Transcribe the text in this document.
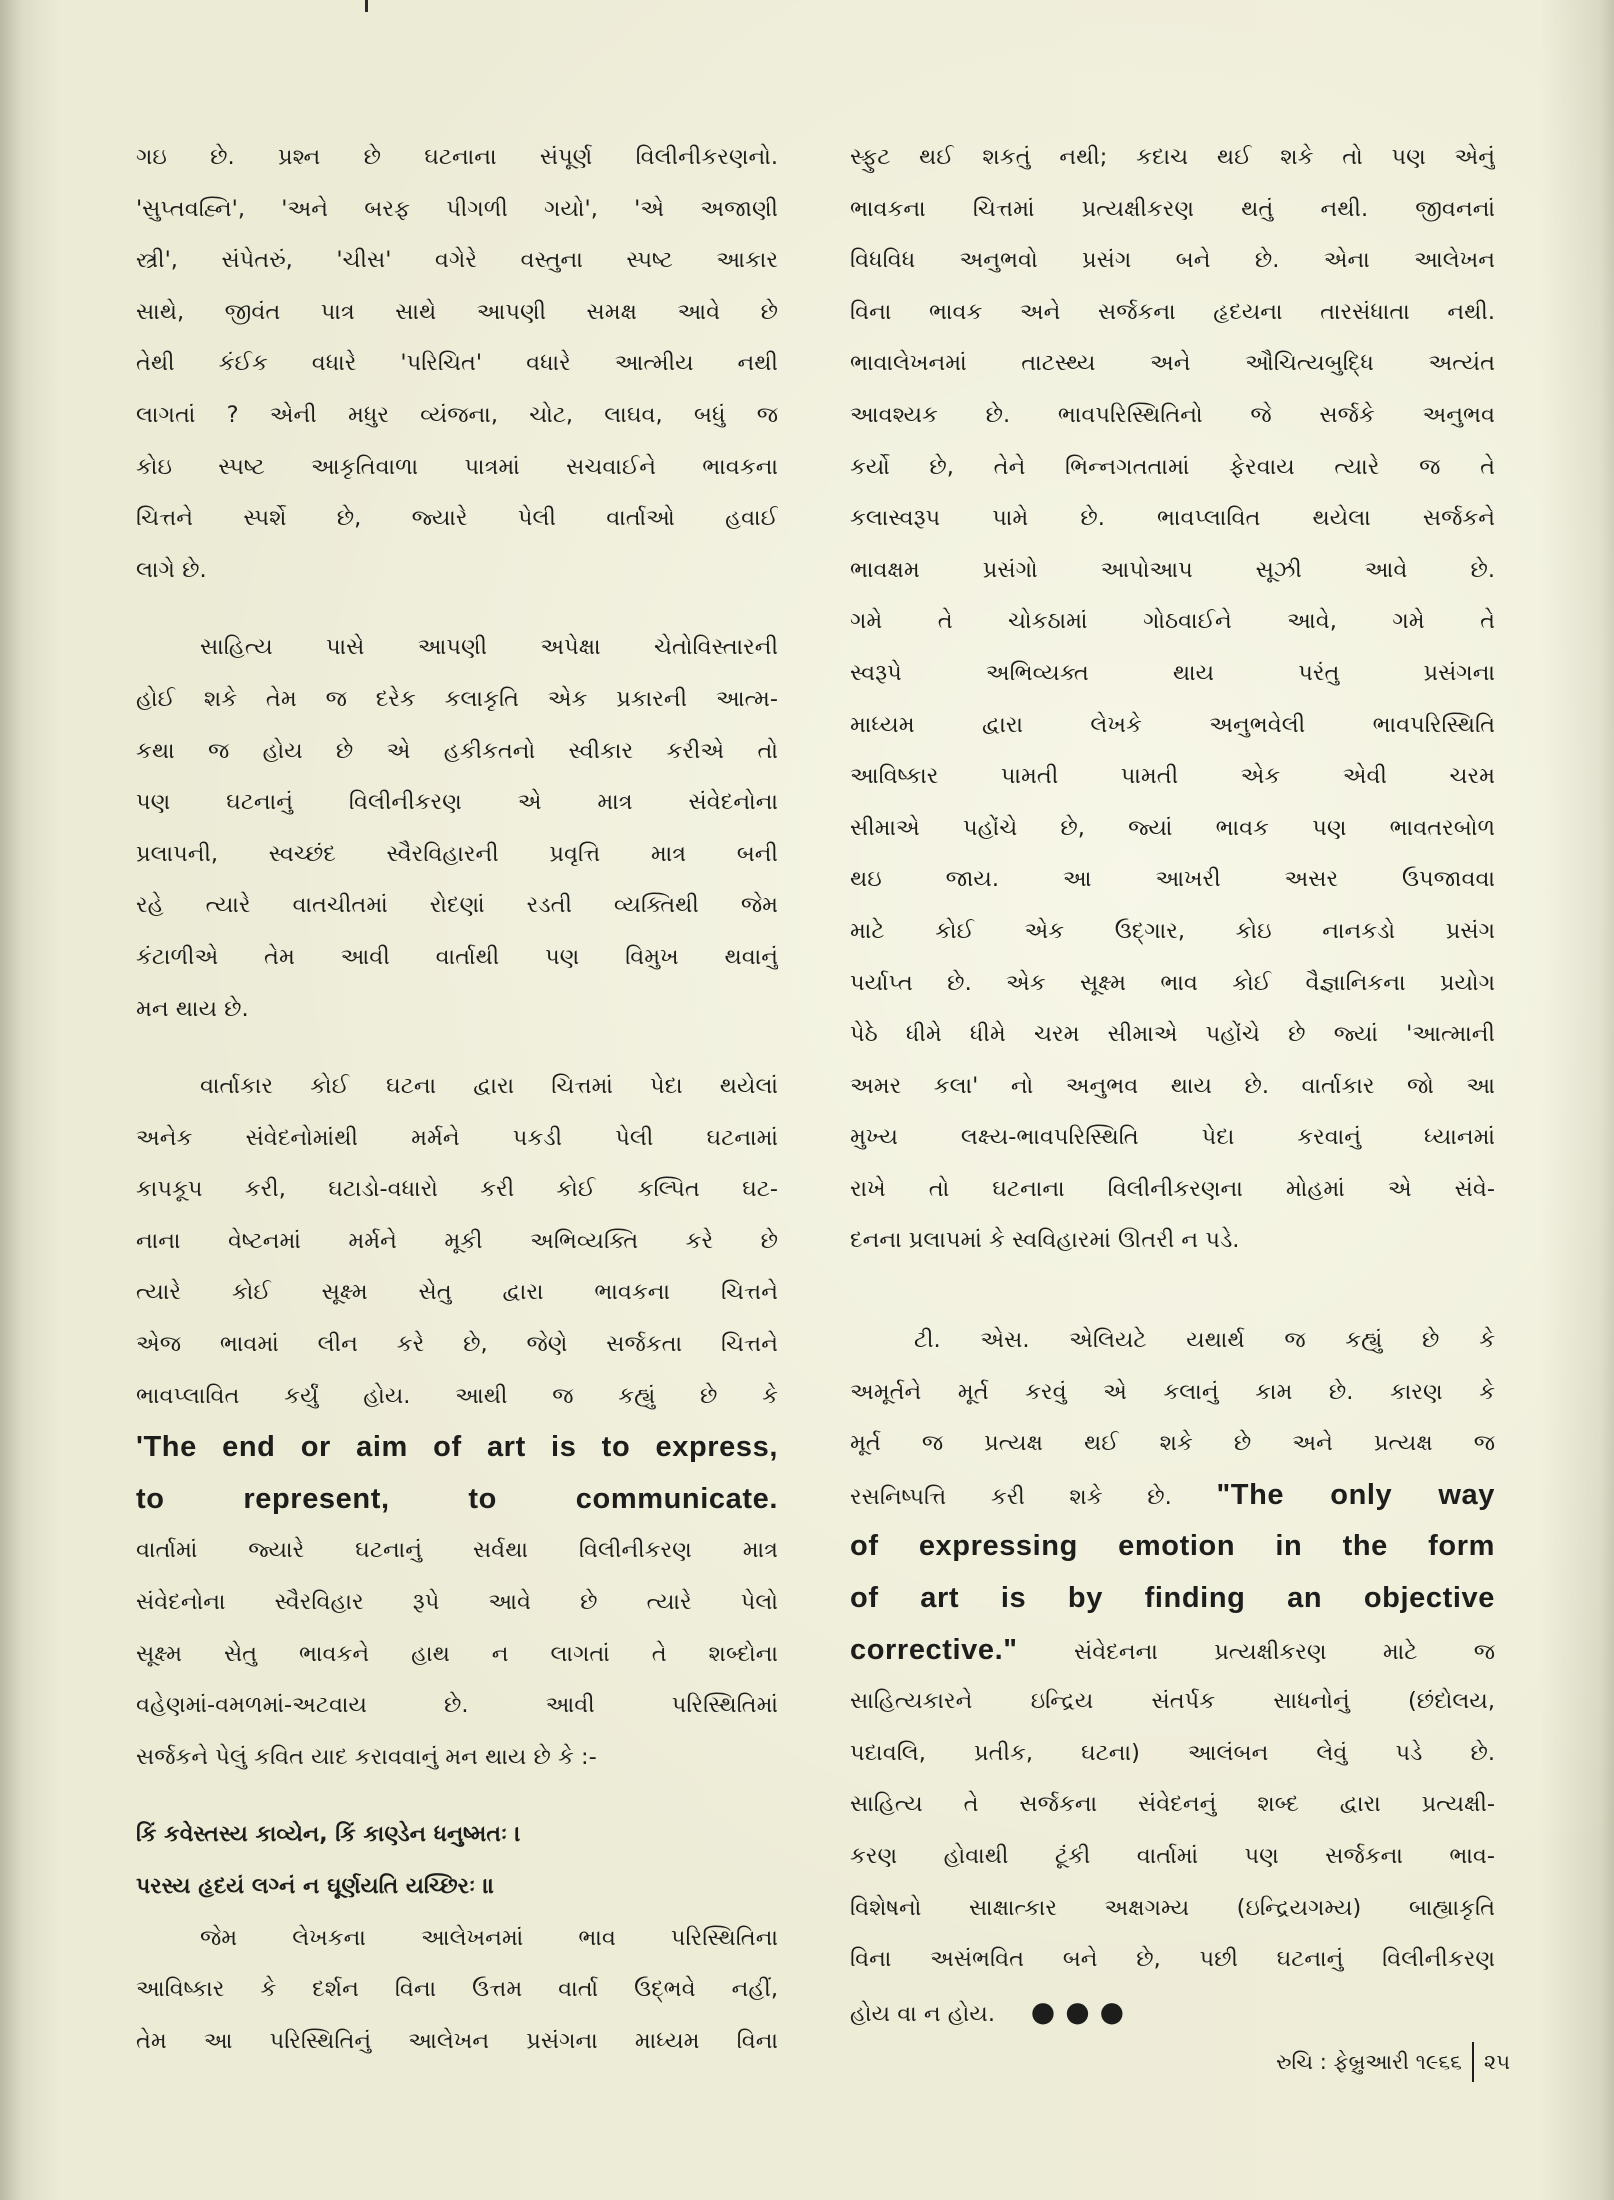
ગઇ છે. પ્રશ્ન છે ઘટનાના સંપૂર્ણ વિલીનીકરણનો.
'સુપ્તવહ્નિ', 'અને બરફ પીગળી ગયો', 'એ અજાણી
સ્ત્રી', સંપેતરું, 'ચીસ' વગેરે વસ્તુના સ્પષ્ટ આકાર
સાથે, જીવંત પાત્ર સાથે આપણી સમક્ષ આવે છે
તેથી કંઈક વધારે 'પરિચિત' વધારે આત્મીય નથી
લાગતાં ? એની મધુર વ્યંજના, ચોટ, લાઘવ, બધું જ
કોઇ સ્પષ્ટ આકૃતિવાળા પાત્રમાં સચવાઈને ભાવકના
ચિત્તને સ્પર્શે છે, જ્યારે પેલી વાર્તાઓ હવાઈ
લાગે છે.
સાહિત્ય પાસે આપણી અપેક્ષા ચેતોવિસ્તારની
હોઈ શકે તેમ જ દરેક કલાકૃતિ એક પ્રકારની આત્મ-
કથા જ હોય છે એ હકીકતનો સ્વીકાર કરીએ તો
પણ ઘટનાનું વિલીનીકરણ એ માત્ર સંવેદનોના
પ્રલાપની, સ્વચ્છંદ સ્વૈરવિહારની પ્રવૃત્તિ માત્ર બની
રહે ત્યારે વાતચીતમાં રોદણાં રડતી વ્યક્તિથી જેમ
કંટાળીએ તેમ આવી વાર્તાથી પણ વિમુખ થવાનું
મન થાય છે.
વાર્તાકાર કોઈ ઘટના દ્વારા ચિત્તમાં પેદા થયેલાં
અનેક સંવેદનોમાંથી મર્મને પકડી પેલી ઘટનામાં
કાપકૂપ કરી, ઘટાડો-વધારો કરી કોઈ કલ્પિત ઘટ-
નાના વેષ્ટનમાં મર્મને મૂકી અભિવ્યક્તિ કરે છે
ત્યારે કોઈ સૂક્ષ્મ સેતુ દ્વારા ભાવકના ચિત્તને
એજ ભાવમાં લીન કરે છે, જેણે સર્જકતા ચિત્તને
ભાવપ્લાવિત કર્યું હોય. આથી જ કહ્યું છે કે
'The end or aim of art is to express,
to represent, to communicate.
વાર્તામાં જ્યારે ઘટનાનું સર્વથા વિલીનીકરણ માત્ર
સંવેદનોના સ્વૈરવિહાર રૂપે આવે છે ત્યારે પેલો
સૂક્ષ્મ સેતુ ભાવકને હાથ ન લાગતાં તે શબ્દોના
વહેણમાં-વમળમાં-અટવાય છે. આવી પરિસ્થિતિમાં
સર્જકને પેલું કવિત યાદ કરાવવાનું મન થાય છે કે :-
કિં કવેસ્તસ્ય કાવ્યેન, કિં કાણ્ડેન ધનુષ્મતઃ ।
પરસ્ય હૃદયં લગ્નં ન ઘૂર્ણયતિ યચ્છિરઃ ॥
જેમ લેખકના આલેખનમાં ભાવ પરિસ્થિતિના
આવિષ્કાર કે દર્શન વિના ઉત્તમ વાર્તા ઉદ્ભવે નહીં,
તેમ આ પરિસ્થિતિનું આલેખન પ્રસંગના માધ્યમ વિના
સ્ફુટ થઈ શકતું નથી; કદાચ થઈ શકે તો પણ એનું
ભાવકના ચિત્તમાં પ્રત્યક્ષીકરણ થતું નથી. જીવનનાં
વિધવિધ અનુભવો પ્રસંગ બને છે. એના આલેખન
વિના ભાવક અને સર્જકના હૃદયના તારસંધાતા નથી.
ભાવાલેખનમાં તાટસ્થ્ય અને ઔચિત્યબુદ્ધિ અત્યંત
આવશ્યક છે. ભાવપરિસ્થિતિનો જે સર્જકે અનુભવ
કર્યો છે, તેને ભિન્નગતતામાં ફેરવાય ત્યારે જ તે
કલાસ્વરૂપ પામે છે. ભાવપ્લાવિત થયેલા સર્જકને
ભાવક્ષમ પ્રસંગો આપોઆપ સૂઝી આવે છે.
ગમે તે ચોકઠામાં ગોઠવાઈને આવે, ગમે તે
સ્વરૂપે અભિવ્યક્ત થાય પરંતુ પ્રસંગના
માધ્યમ દ્વારા લેખકે અનુભવેલી ભાવપરિસ્થિતિ
આવિષ્કાર પામતી પામતી એક એવી ચરમ
સીમાએ પહોંચે છે, જ્યાં ભાવક પણ ભાવતરબોળ
થઇ જાય. આ આખરી અસર ઉપજાવવા
માટે કોઈ એક ઉદ્ગાર, કોઇ નાનકડો પ્રસંગ
પર્યાપ્ત છે. એક સૂક્ષ્મ ભાવ કોઈ વૈજ્ઞાનિકના પ્રયોગ
પેઠે ધીમે ધીમે ચરમ સીમાએ પહોંચે છે જ્યાં 'આત્માની
અમર કલા' નો અનુભવ થાય છે. વાર્તાકાર જો આ
મુખ્ય લક્ષ્ય-ભાવપરિસ્થિતિ પેદા કરવાનું ધ્યાનમાં
રાખે તો ઘટનાના વિલીનીકરણના મોહમાં એ સંવે-
દનના પ્રલાપમાં કે સ્વવિહારમાં ઊતરી ન પડે.
ટી. એસ. એલિયટે યથાર્થ જ કહ્યું છે કે
અમૂર્તને મૂર્ત કરવું એ કલાનું કામ છે. કારણ કે
મૂર્ત જ પ્રત્યક્ષ થઈ શકે છે અને પ્રત્યક્ષ જ
રસનિષ્પત્તિ કરી શકે છે. "The only way
of expressing emotion in the form
of art is by finding an objective
corrective."	સંવેદનના પ્રત્યક્ષીકરણ માટે જ
સાહિત્યકારને ઇન્દ્રિય સંતર્પક સાધનોનું (છંદોલય,
પદાવલિ, પ્રતીક, ઘટના) આલંબન લેવું પડે છે.
સાહિત્ય તે સર્જકના સંવેદનનું શબ્દ દ્વારા પ્રત્યક્ષી-
કરણ હોવાથી ટૂંકી વાર્તામાં પણ સર્જકના ભાવ-
વિશેષનો સાક્ષાત્કાર અક્ષગમ્ય (ઇન્દ્રિયગમ્ય) બાહ્યાકૃતિ
વિના અસંભવિત બને છે, પછી ઘટનાનું વિલીનીકરણ
હોય વા ન હોય. ●●●
રુચિ : ફેબ્રુઆરી ૧૯૬૬ ૨૫
